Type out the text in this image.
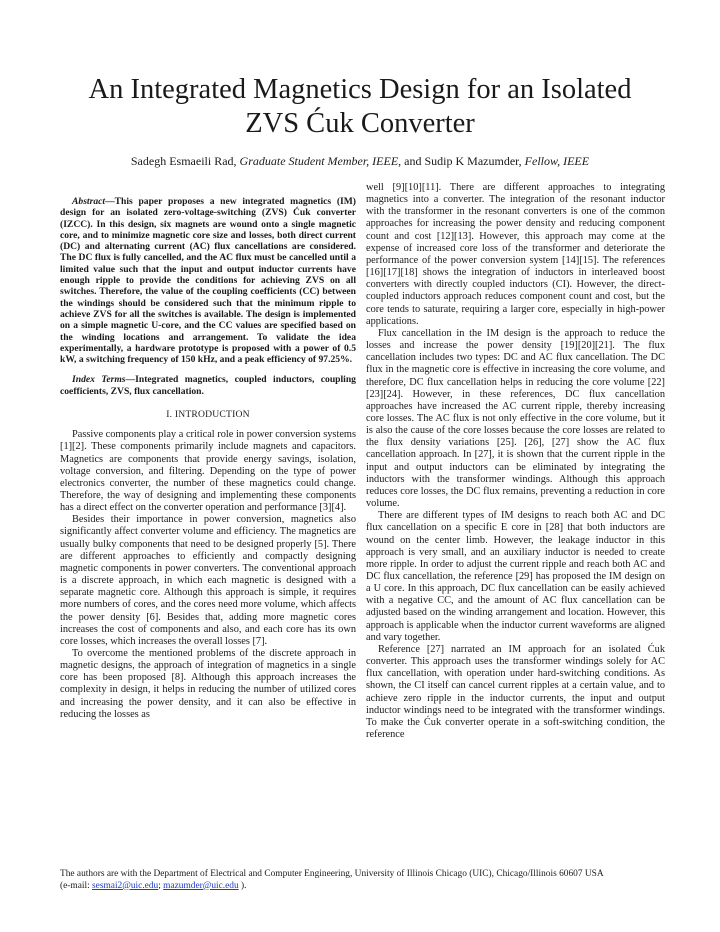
An Integrated Magnetics Design for an Isolated
ZVS Ćuk Converter

Sadegh Esmaeili Rad, Graduate Student Member, IEEE, and Sudip K Mazumder, Fellow, IEEE

Abstract—This paper proposes a new integrated magnetics (IM) design for an isolated zero-voltage-switching (ZVS) Ćuk converter (IZCC). In this design, six magnets are wound onto a single magnetic core, and to minimize magnetic core size and losses, both direct current (DC) and alternating current (AC) flux cancellations are considered. The DC flux is fully cancelled, and the AC flux must be cancelled until a limited value such that the input and output inductor currents have enough ripple to provide the conditions for achieving ZVS on all switches. Therefore, the value of the coupling coefficients (CC) between the windings should be considered such that the minimum ripple to achieve ZVS for all the switches is available. The design is implemented on a simple magnetic U-core, and the CC values are specified based on the winding locations and arrangement. To validate the idea experimentally, a hardware prototype is proposed with a power of 0.5 kW, a switching frequency of 150 kHz, and a peak efficiency of 97.25%.

Index Terms—Integrated magnetics, coupled inductors, coupling coefficients, ZVS, flux cancellation.

I. INTRODUCTION

Passive components play a critical role in power conversion systems [1][2]. These components primarily include magnets and capacitors. Magnetics are components that provide energy savings, isolation, voltage conversion, and filtering. Depending on the type of power electronics converter, the number of these magnetics could change. Therefore, the way of designing and implementing these components has a direct effect on the converter operation and performance [3][4].

Besides their importance in power conversion, magnetics also significantly affect converter volume and efficiency. The magnetics are usually bulky components that need to be designed properly [5]. There are different approaches to efficiently and compactly designing magnetic components in power converters. The conventional approach is a discrete approach, in which each magnetic is designed with a separate magnetic core. Although this approach is simple, it requires more numbers of cores, and the cores need more volume, which affects the power density [6]. Besides that, adding more magnetic cores increases the cost of components and also, and each core has its own core losses, which increases the overall losses [7].

To overcome the mentioned problems of the discrete approach in magnetic designs, the approach of integration of magnetics in a single core has been proposed [8]. Although this approach increases the complexity in design, it helps in reducing the number of utilized cores and increasing the power density, and it can also be effective in reducing the losses as

well [9][10][11]. There are different approaches to integrating magnetics into a converter. The integration of the resonant inductor with the transformer in the resonant converters is one of the common approaches for increasing the power density and reducing component count and cost [12][13]. However, this approach may come at the expense of increased core loss of the transformer and deteriorate the performance of the power conversion system [14][15]. The references [16][17][18] shows the integration of inductors in interleaved boost converters with directly coupled inductors (CI). However, the direct-coupled inductors approach reduces component count and cost, but the core tends to saturate, requiring a larger core, especially in high-power applications.

Flux cancellation in the IM design is the approach to reduce the losses and increase the power density [19][20][21]. The flux cancellation includes two types: DC and AC flux cancellation. The DC flux in the magnetic core is effective in increasing the core volume, and therefore, DC flux cancellation helps in reducing the core volume [22][23][24]. However, in these references, DC flux cancellation approaches have increased the AC current ripple, thereby increasing core losses. The AC flux is not only effective in the core volume, but it is also the cause of the core losses because the core losses are related to the flux density variations [25]. [26], [27] show the AC flux cancellation approach. In [27], it is shown that the current ripple in the input and output inductors can be eliminated by integrating the inductors with the transformer windings. Although this approach reduces core losses, the DC flux remains, preventing a reduction in core volume.

There are different types of IM designs to reach both AC and DC flux cancellation on a specific E core in [28] that both inductors are wound on the center limb. However, the leakage inductor in this approach is very small, and an auxiliary inductor is needed to create more ripple. In order to adjust the current ripple and reach both AC and DC flux cancellation, the reference [29] has proposed the IM design on a U core. In this approach, DC flux cancellation can be easily achieved with a negative CC, and the amount of AC flux cancellation can be adjusted based on the winding arrangement and location. However, this approach is applicable when the inductor current waveforms are aligned and vary together.

Reference [27] narrated an IM approach for an isolated Ćuk converter. This approach uses the transformer windings solely for AC flux cancellation, with operation under hard-switching conditions. As shown, the CI itself can cancel current ripples at a certain value, and to achieve zero ripple in the inductor currents, the input and output inductor windings need to be integrated with the transformer windings. To make the Ćuk converter operate in a soft-switching condition, the reference

The authors are with the Department of Electrical and Computer Engineering, University of Illinois Chicago (UIC), Chicago/Illinois 60607 USA

(e-mail: sesmai2@uic.edu; mazumder@uic.edu ).
